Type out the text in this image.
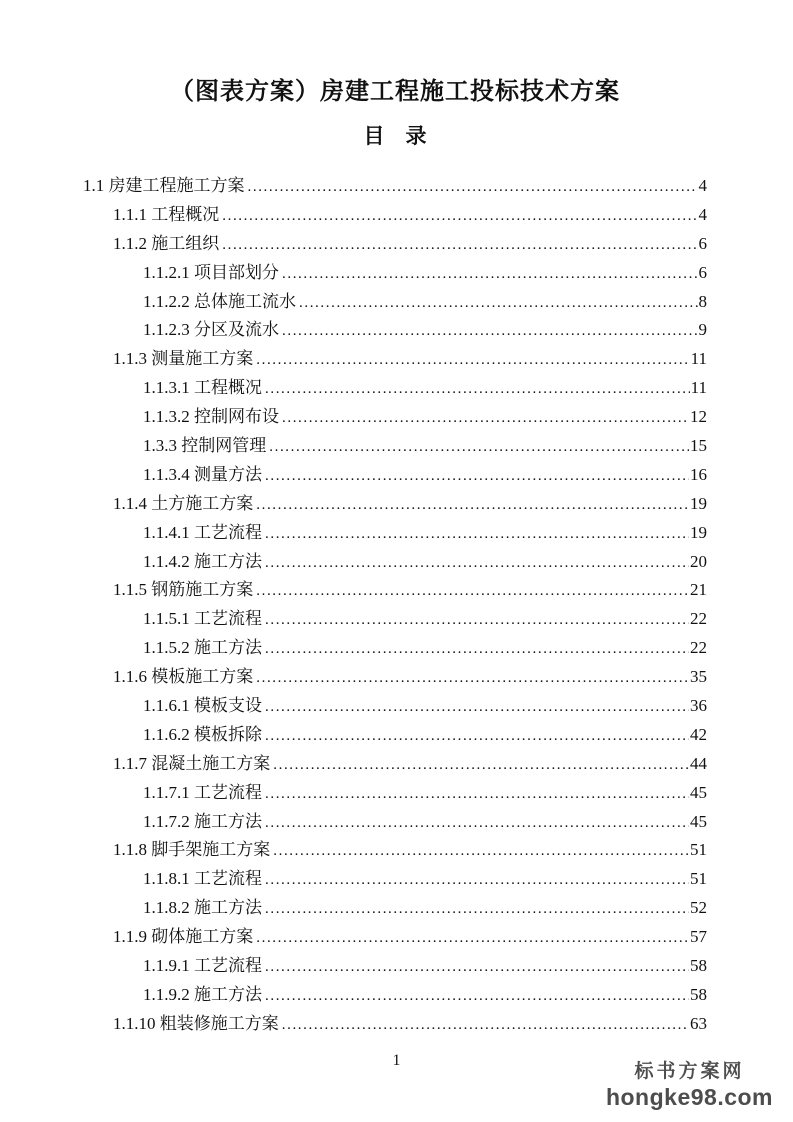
（图表方案）房建工程施工投标技术方案
目　录
1.1 房建工程施工方案 .....	4
1.1.1 工程概况 .....	4
1.1.2 施工组织 .....	6
1.1.2.1 项目部划分 .....	6
1.1.2.2 总体施工流水 .....	8
1.1.2.3 分区及流水 .....	9
1.1.3 测量施工方案 .....	11
1.1.3.1 工程概况 .....	11
1.1.3.2 控制网布设 .....	12
1.3.3 控制网管理 .....	15
1.1.3.4 测量方法 .....	16
1.1.4 土方施工方案 .....	19
1.1.4.1 工艺流程 .....	19
1.1.4.2 施工方法 .....	20
1.1.5 钢筋施工方案 .....	21
1.1.5.1 工艺流程 .....	22
1.1.5.2 施工方法 .....	22
1.1.6 模板施工方案 .....	35
1.1.6.1 模板支设 .....	36
1.1.6.2 模板拆除 .....	42
1.1.7 混凝土施工方案 .....	44
1.1.7.1 工艺流程 .....	45
1.1.7.2 施工方法 .....	45
1.1.8 脚手架施工方案 .....	51
1.1.8.1 工艺流程 .....	51
1.1.8.2 施工方法 .....	52
1.1.9 砌体施工方案 .....	57
1.1.9.1 工艺流程 .....	58
1.1.9.2 施工方法 .....	58
1.1.10 粗装修施工方案 .....	63
1
标书方案网
hongke98.com
